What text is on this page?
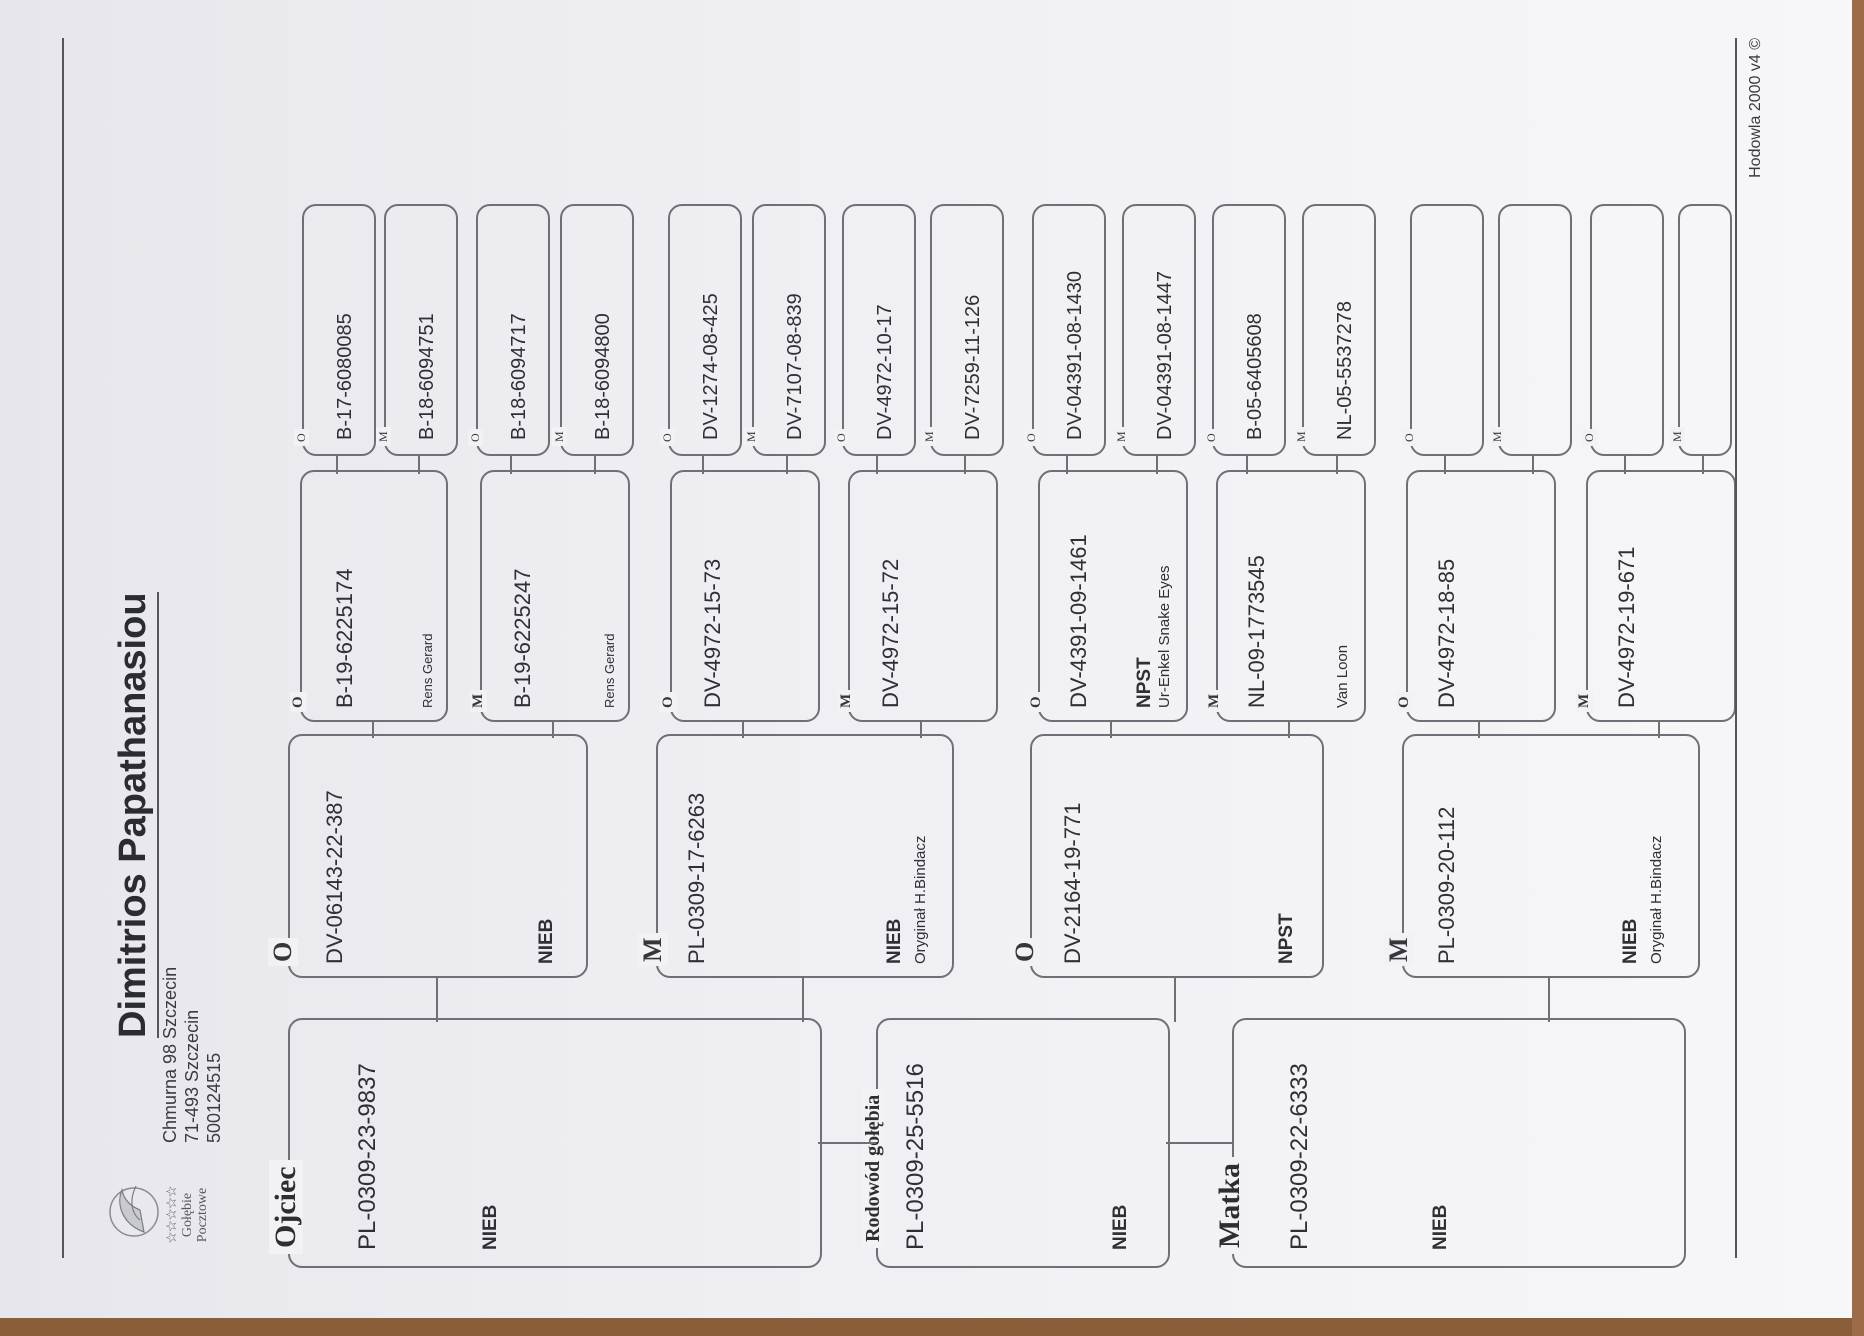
☆☆☆☆☆ Gołębie Pocztowe
Dimitrios Papathanasiou
Chmurna 98 Szczecin 71-493 Szczecin 500124515	PL-0309-23-9837	NIEB
Ojciec	PL-0309-25-5516	NIEB
Rodowód gołębia	PL-0309-22-6333	NIEB
Matka
DV-06143-22-387	NIEB
O	PL-0309-17-6263	NIEB Oryginał H.Bindacz
M	DV-2164-19-771	NPST
O	PL-0309-20-112	NIEB Oryginał H.Bindacz
M
B-19-6225174	Rens Gerard
O	B-19-6225247	Rens Gerard
M	DV-4972-15-73
O	DV-4972-15-72
M	DV-4391-09-1461 NPST Ur-Enkel Snake Eyes
O	NL-09-1773545	Van Loon
M	DV-4972-18-85
O	DV-4972-19-671
M
B-17-6080085
O	B-18-6094751
M	B-18-6094717
O	B-18-6094800
M	DV-1274-08-425
O	DV-7107-08-839
M	DV-4972-10-17
O	DV-7259-11-126
M	DV-04391-08-1430
O	DV-04391-08-1447
M	B-05-6405608
O	NL-05-5537278
M	O	M	O	M
Hodowla 2000 v4 ©
